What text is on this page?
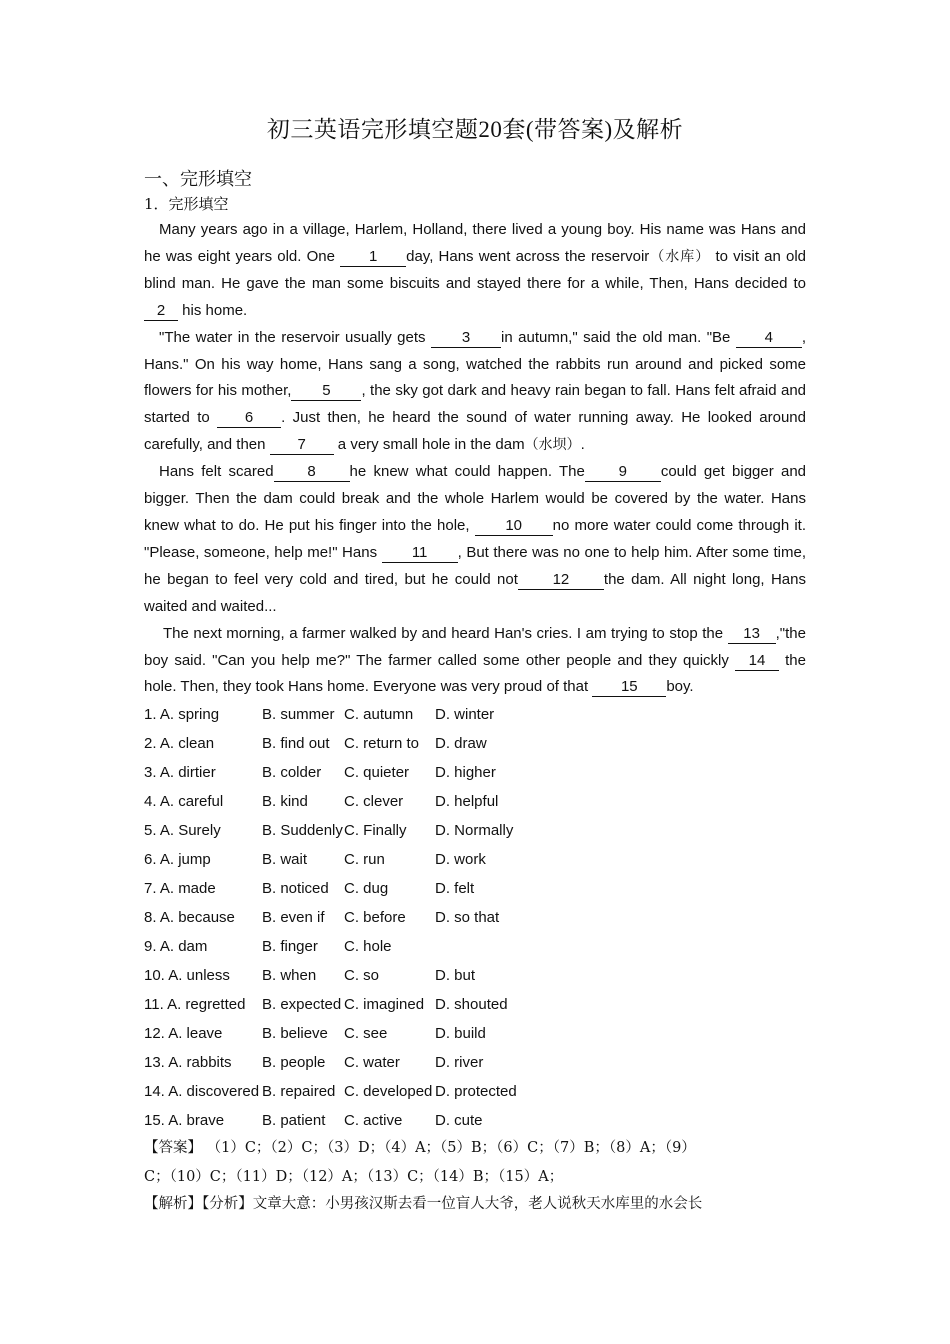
初三英语完形填空题20套(带答案)及解析
一、完形填空
1．完形填空

Many years ago in a village, Harlem, Holland, there lived a young boy. His name was Hans and he was eight years old. One 1 day, Hans went across the reservoir（水库） to visit an old blind man. He gave the man some biscuits and stayed there for a while, Then, Hans decided to 2 his home.

"The water in the reservoir usually gets 3 in autumn," said the old man. "Be 4 , Hans." On his way home, Hans sang a song, watched the rabbits run around and picked some flowers for his mother, 5 , the sky got dark and heavy rain began to fall. Hans felt afraid and started to 6 . Just then, he heard the sound of water running away. He looked around carefully, and then 7 a very small hole in the dam（水坝）.

Hans felt scared 8 he knew what could happen. The 9 could get bigger and bigger. Then the dam could break and the whole Harlem would be covered by the water. Hans knew what to do. He put his finger into the hole, 10 no more water could come through it. "Please, someone, help me!" Hans 11 , But there was no one to help him. After some time, he began to feel very cold and tired, but he could not 12 the dam. All night long, Hans waited and waited...

The next morning, a farmer walked by and heard Han's cries. I am trying to stop the 13 ,"the boy said. "Can you help me?" The farmer called some other people and they quickly 14 the hole. Then, they took Hans home. Everyone was very proud of that 15 boy.

1. A. spring	B. summer C. autumn D. winter
2. A. clean	B. find out C. return to D. draw
3. A. dirtier	B. colder C. quieter D. higher
4. A. careful	B. kind C. clever D. helpful
5. A. Surely	B. Suddenly C. Finally D. Normally
6. A. jump	B. wait C. run	D. work
7. A. made	B. noticed C. dug	D. felt
8. A. because B. even if C. before D. so that
9. A. dam	B. finger C. hole
10. A. unless B. when C. so	D. but
11. A. regretted B. expected C. imagined D. shouted
12. A. leave	B. believe C. see	D. build
13. A. rabbits B. people C. water D. river
14. A. discovered B. repaired C. developed D. protected
15. A. brave	B. patient C. active D. cute

【答案】 （1）C；（2）C；（3）D；（4）A；（5）B；（6）C；（7）B；（8）A；（9）

C；（10）C；（11）D；（12）A；（13）C；（14）B；（15）A；

【解析】【分析】文章大意：小男孩汉斯去看一位盲人大爷，老人说秋天水库里的水会长
